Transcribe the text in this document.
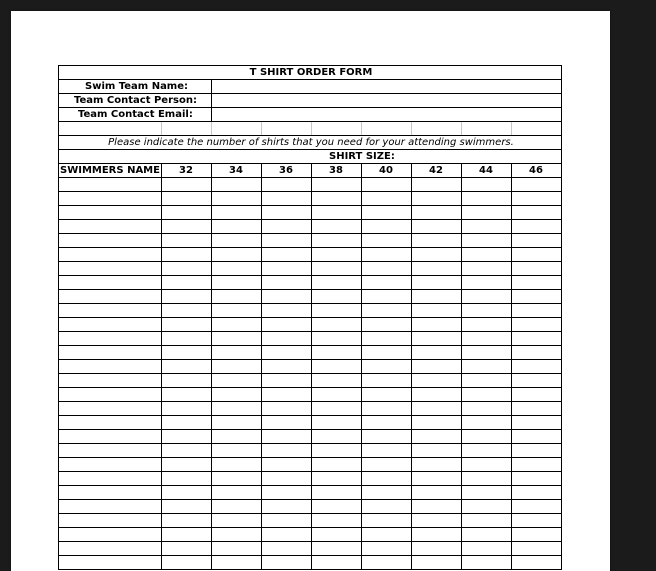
T SHIRT ORDER FORM
Swim Team Name:
Team Contact Person:
Team Contact Email:
Please indicate the number of shirts that you need for your attending swimmers.
SHIRT SIZE:
SWIMMERS NAME	32	34	36	38	40	42	44	46
